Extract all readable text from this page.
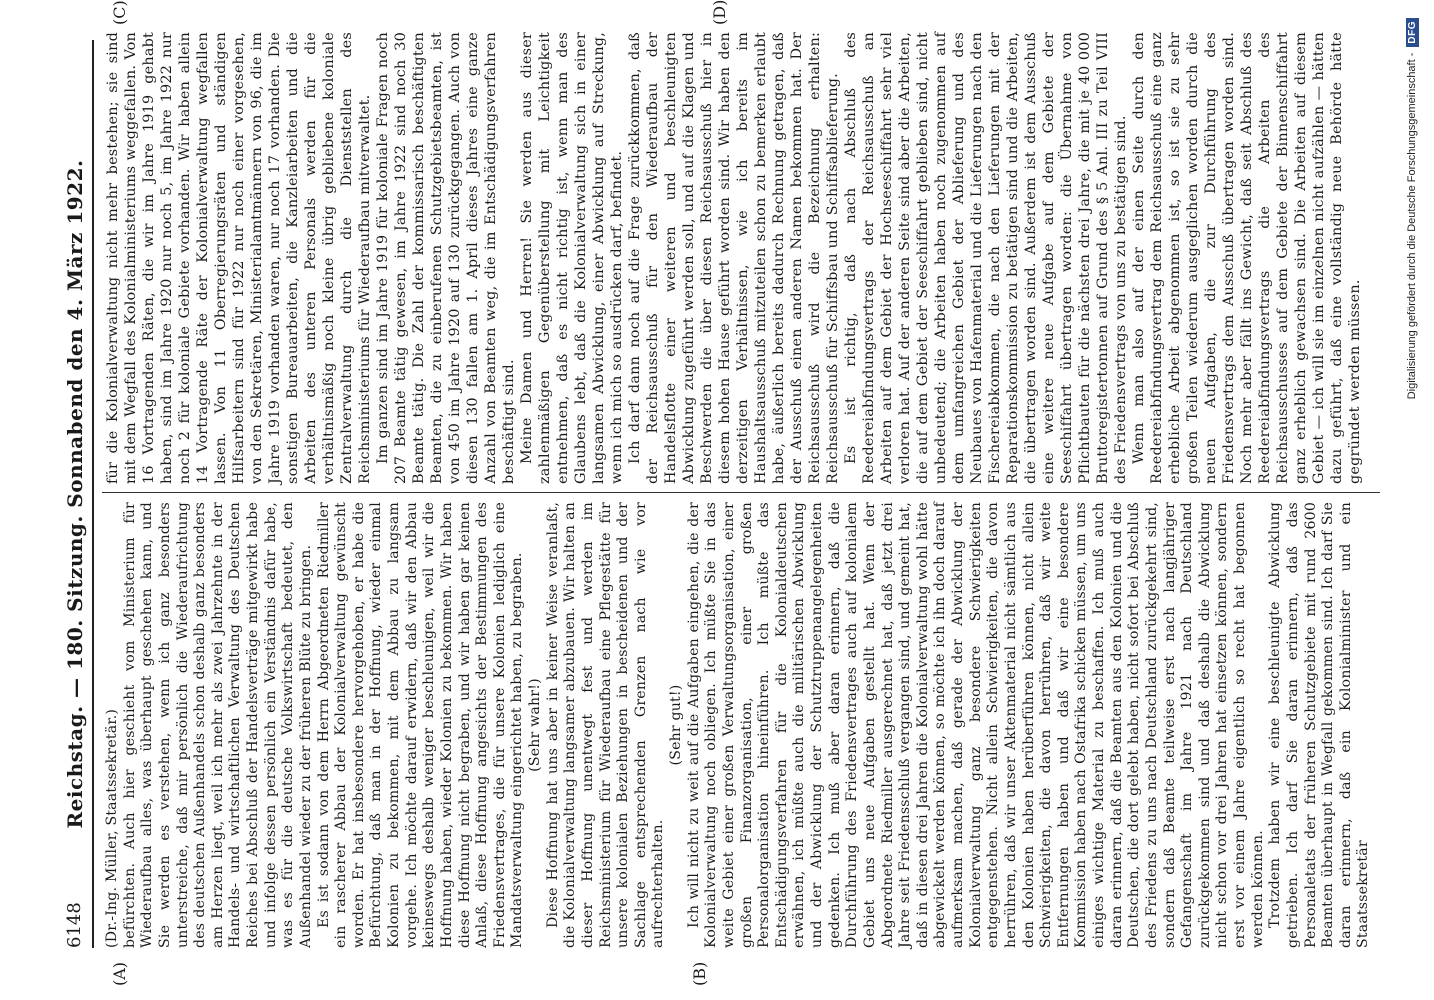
6148
Reichstag. — 180. Sitzung. Sonnabend den 4. März 1922.
(A)	(B)
(C)	(D)

(Dr.-Ing. Müller, Staatssekretär.) befürchten. Auch hier geschieht vom Ministerium für Wiederaufbau alles, was überhaupt geschehen kann, und Sie werden es verstehen, wenn ich ganz besonders unterstreiche, daß mir persönlich die Wiederaufrichtung des deutschen Außenhandels schon deshalb ganz besonders am Herzen liegt, weil ich mehr als zwei Jahrzehnte in der Handels- und wirtschaftlichen Verwaltung des Deutschen Reiches bei Abschluß der Handelsverträge mitgewirkt habe und infolge dessen persönlich ein Verständnis dafür habe, was es für die deutsche Volkswirtschaft bedeutet, den Außenhandel wieder zu der früheren Blüte zu bringen. Es ist sodann von dem Herrn Abgeordneten Riedmiller ein rascherer Abbau der Kolonialverwaltung gewünscht worden. Er hat insbesondere hervorgehoben, er habe die Befürchtung, daß man in der Hoffnung, wieder einmal Kolonien zu bekommen, mit dem Abbau zu langsam vorgehe. Ich möchte darauf erwidern, daß wir den Abbau keineswegs deshalb weniger beschleunigen, weil wir die Hoffnung haben, wieder Kolonien zu bekommen. Wir haben diese Hoffnung nicht begraben, und wir haben gar keinen Anlaß, diese Hoffnung angesichts der Bestimmungen des Friedensvertrages, die für unsere Kolonien lediglich eine Mandatsverwaltung eingerichtet haben, zu begraben. (Sehr wahr!) Diese Hoffnung hat uns aber in keiner Weise veranlaßt, die Kolonialverwaltung langsamer abzubauen. Wir halten an dieser Hoffnung unentwegt fest und werden im Reichsministerium für Wiederaufbau eine Pflegestätte für unsere kolonialen Beziehungen in bescheidenen und der Sachlage entsprechenden Grenzen nach wie vor aufrechterhalten.

(Sehr gut!) Ich will nicht zu weit auf die Aufgaben eingehen, die der Kolonialverwaltung noch obliegen. Ich müßte Sie in das weite Gebiet einer großen Verwaltungsorganisation, einer großen Finanzorganisation, einer großen Personalorganisation hineinführen. Ich müßte das Entschädigungsverfahren für die Kolonialdeutschen erwähnen, ich müßte auch die militärischen Abwicklung und der Abwicklung der Schutztruppenangelegenheiten gedenken. Ich muß aber daran erinnern, daß die Durchführung des Friedensvertrages auch auf kolonialem Gebiet uns neue Aufgaben gestellt hat. Wenn der Abgeordnete Riedmiller ausgerechnet hat, daß jetzt drei Jahre seit Friedensschluß vergangen sind, und gemeint hat, daß in diesen drei Jahren die Kolonialverwaltung wohl hätte abgewickelt werden können, so möchte ich ihn doch darauf aufmerksam machen, daß gerade der Abwicklung der Kolonialverwaltung ganz besondere Schwierigkeiten entgegenstehen. Nicht allein Schwierigkeiten, die davon herrühren, daß wir unser Aktenmaterial nicht sämtlich aus den Kolonien haben herüberführen können, nicht allein Schwierigkeiten, die davon herrühren, daß wir weite Entfernungen haben und daß wir eine besondere Kommission haben nach Ostafrika schicken müssen, um uns einiges wichtige Material zu beschaffen. Ich muß auch daran erinnern, daß die Beamten aus den Kolonien und die Deutschen, die dort gelebt haben, nicht sofort bei Abschluß des Friedens zu uns nach Deutschland zurückgekehrt sind, sondern daß Beamte teilweise erst nach langjähriger Gefangenschaft im Jahre 1921 nach Deutschland zurückgekommen sind und daß deshalb die Abwicklung nicht schon vor drei Jahren hat einsetzen können, sondern erst vor einem Jahre eigentlich so recht hat begonnen werden können. Trotzdem haben wir eine beschleunigte Abwicklung getrieben. Ich darf Sie daran erinnern, daß das Personaletats der früheren Schutzgebiete mit rund 2600 Beamten überhaupt in Wegfall gekommen sind. Ich darf Sie daran erinnern, daß ein Kolonialminister und ein Staatssekretär

für die Kolonialverwaltung nicht mehr bestehen; sie sind mit dem Wegfall des Kolonialministeriums weggefallen. Von 16 Vortragenden Räten, die wir im Jahre 1919 gehabt haben, sind im Jahre 1920 nur noch 5, im Jahre 1922 nur noch 2 für koloniale Gebiete vorhanden. Wir haben allein 14 Vortragende Räte der Kolonialverwaltung wegfallen lassen. Von 11 Oberregierungsräten und ständigen Hilfsarbeitern sind für 1922 nur noch einer vorgesehen, von den Sekretären, Ministerialamtmännern von 96, die im Jahre 1919 vorhanden waren, nur noch 17 vorhanden. Die sonstigen Bureauarbeiten, die Kanzleiarbeiten und die Arbeiten des unteren Personals werden für die verhältnismäßig noch kleine übrig gebliebene koloniale Zentralverwaltung durch die Dienststellen des Reichsministeriums für Wiederaufbau mitverwaltet. Im ganzen sind im Jahre 1919 für koloniale Fragen noch 207 Beamte tätig gewesen, im Jahre 1922 sind noch 30 Beamte tätig. Die Zahl der kommissarisch beschäftigten Beamten, die zu einberufenen Schutzgebietsbeamten, ist von 450 im Jahre 1920 auf 130 zurückgegangen. Auch von diesen 130 fallen am 1. April dieses Jahres eine ganze Anzahl von Beamten weg, die im Entschädigungsverfahren beschäftigt sind. Meine Damen und Herren! Sie werden aus dieser zahlenmäßigen Gegenüberstellung mit Leichtigkeit entnehmen, daß es nicht richtig ist, wenn man des Glaubens lebt, daß die Kolonialverwaltung sich in einer langsamen Abwicklung, einer Abwicklung auf Streckung, wenn ich mich so ausdrücken darf, befindet. Ich darf dann noch auf die Frage zurückkommen, daß der Reichsausschuß für den Wiederaufbau der Handelsflotte einer weiteren und beschleunigten Abwicklung zugeführt werden soll, und auf die Klagen und Beschwerden die über diesen Reichsausschuß hier in diesem hohen Hause geführt worden sind. Wir haben den derzeitigen Verhältnissen, wie ich bereits im Haushaltsausschuß mitzuteilen schon zu bemerken erlaubt habe, äußerlich bereits dadurch Rechnung getragen, daß der Ausschuß einen anderen Namen bekommen hat. Der Reichsausschuß wird die Bezeichnung erhalten: Reichsausschuß für Schiffsbau und Schiffsablieferung. Es ist richtig, daß nach Abschluß des Reedereiabfindungsvertrags der Reichsausschuß an Arbeiten auf dem Gebiet der Hochseeschiffahrt sehr viel verloren hat. Auf der anderen Seite sind aber die Arbeiten, die auf dem Gebiet der Seeschiffahrt geblieben sind, nicht unbedeutend; die Arbeiten haben noch zugenommen auf dem umfangreichen Gebiet der Ablieferung und des Neubaues von Hafenmaterial und die Lieferungen nach den Fischereiabkommen, die nach den Lieferungen mit der Reparationskommission zu betätigen sind und die Arbeiten, die übertragen worden sind. Außerdem ist dem Ausschuß eine weitere neue Aufgabe auf dem Gebiete der Seeschiffahrt übertragen worden: die Übernahme von Pflichtbauten für die nächsten drei Jahre, die mit je 40 000 Bruttoregistertonnen auf Grund des § 5 Anl. III zu Teil VIII des Friedensvertrags von uns zu bestätigen sind. Wenn man also auf der einen Seite durch den Reedereiabfindungsvertrag dem Reichsausschuß eine ganz erhebliche Arbeit abgenommen ist, so ist sie zu sehr großen Teilen wiederum ausgeglichen worden durch die neuen Aufgaben, die zur Durchführung des Friedensvertrags dem Ausschuß übertragen worden sind. Noch mehr aber fällt ins Gewicht, daß seit Abschluß des Reedereiabfindungsvertrags die Arbeiten des Reichsausschusses auf dem Gebiete der Binnenschiffahrt ganz erheblich gewachsen sind. Die Arbeiten auf diesem Gebiet — ich will sie im einzelnen nicht aufzählen — hätten dazu geführt, daß eine vollständig neue Behörde hätte gegründet werden müssen.	Digitalisierung gefördert durch die Deutsche Forschungsgemeinschaft -
DFG
